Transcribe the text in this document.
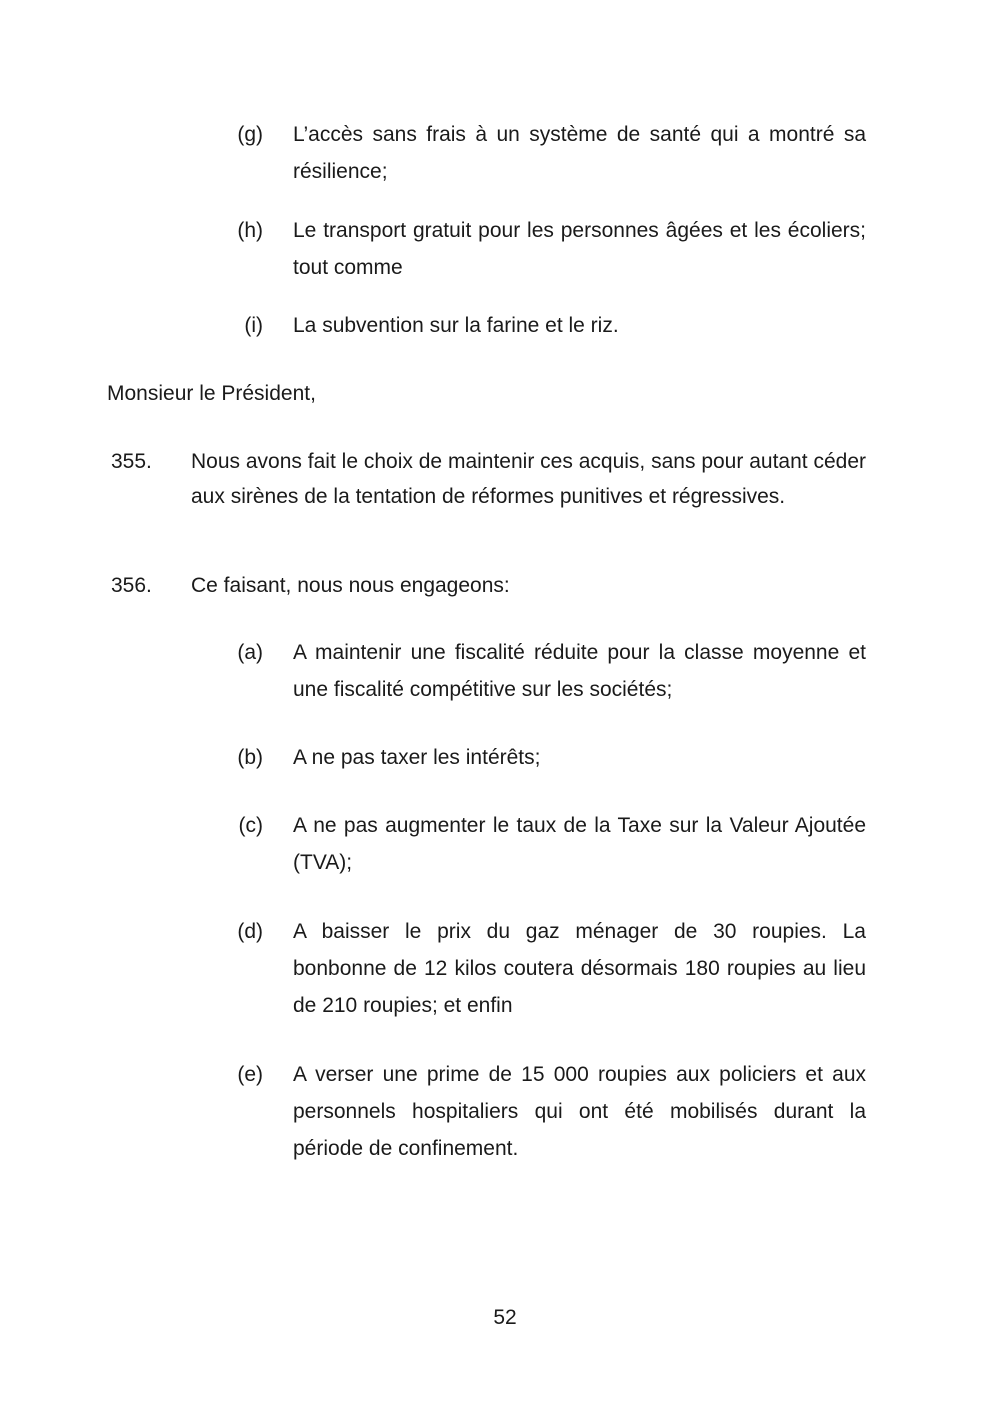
(g) L’accès sans frais à un système de santé qui a montré sa résilience;
(h) Le transport gratuit pour les personnes âgées et les écoliers; tout comme
(i) La subvention sur la farine et le riz.
Monsieur le Président,
355. Nous avons fait le choix de maintenir ces acquis, sans pour autant céder aux sirènes de la tentation de réformes punitives et régressives.
356. Ce faisant, nous nous engageons:
(a) A maintenir une fiscalité réduite pour la classe moyenne et une fiscalité compétitive sur les sociétés;
(b) A ne pas taxer les intérêts;
(c) A ne pas augmenter le taux de la Taxe sur la Valeur Ajoutée (TVA);
(d) A baisser le prix du gaz ménager de 30 roupies. La bonbonne de 12 kilos coutera désormais 180 roupies au lieu de 210 roupies; et enfin
(e) A verser une prime de 15 000 roupies aux policiers et aux personnels hospitaliers qui ont été mobilisés durant la période de confinement.
52
